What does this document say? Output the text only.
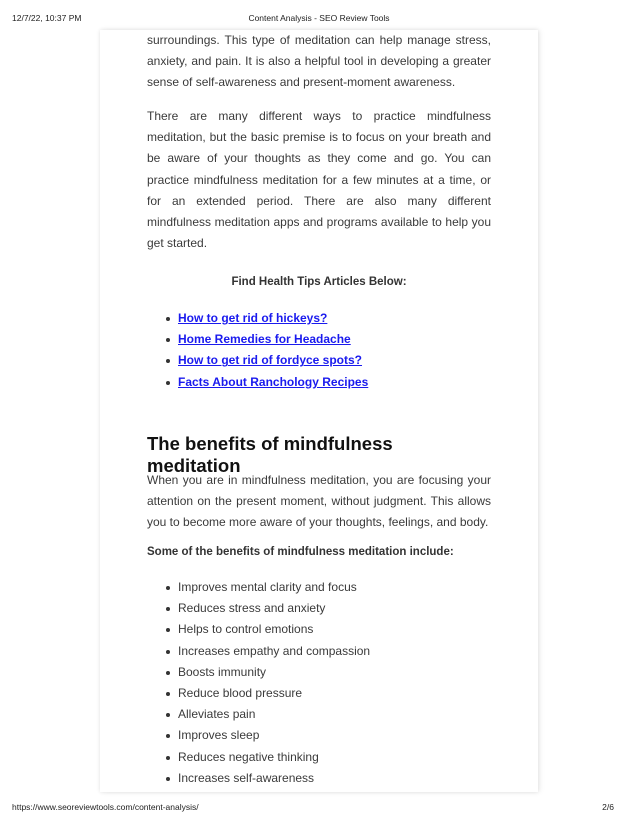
12/7/22, 10:37 PM	Content Analysis - SEO Review Tools

surroundings. This type of meditation can help manage stress, anxiety, and pain. It is also a helpful tool in developing a greater sense of self-awareness and present-moment awareness.

There are many different ways to practice mindfulness meditation, but the basic premise is to focus on your breath and be aware of your thoughts as they come and go. You can practice mindfulness meditation for a few minutes at a time, or for an extended period. There are also many different mindfulness meditation apps and programs available to help you get started.

Find Health Tips Articles Below:
How to get rid of hickeys?
Home Remedies for Headache
How to get rid of fordyce spots?
Facts About Ranchology Recipes
The benefits of mindfulness meditation

When you are in mindfulness meditation, you are focusing your attention on the present moment, without judgment. This allows you to become more aware of your thoughts, feelings, and body.

Some of the benefits of mindfulness meditation include:
Improves mental clarity and focus
Reduces stress and anxiety
Helps to control emotions
Increases empathy and compassion
Boosts immunity
Reduce blood pressure
Alleviates pain
Improves sleep
Reduces negative thinking
Increases self-awareness
https://www.seoreviewtools.com/content-analysis/	2/6
